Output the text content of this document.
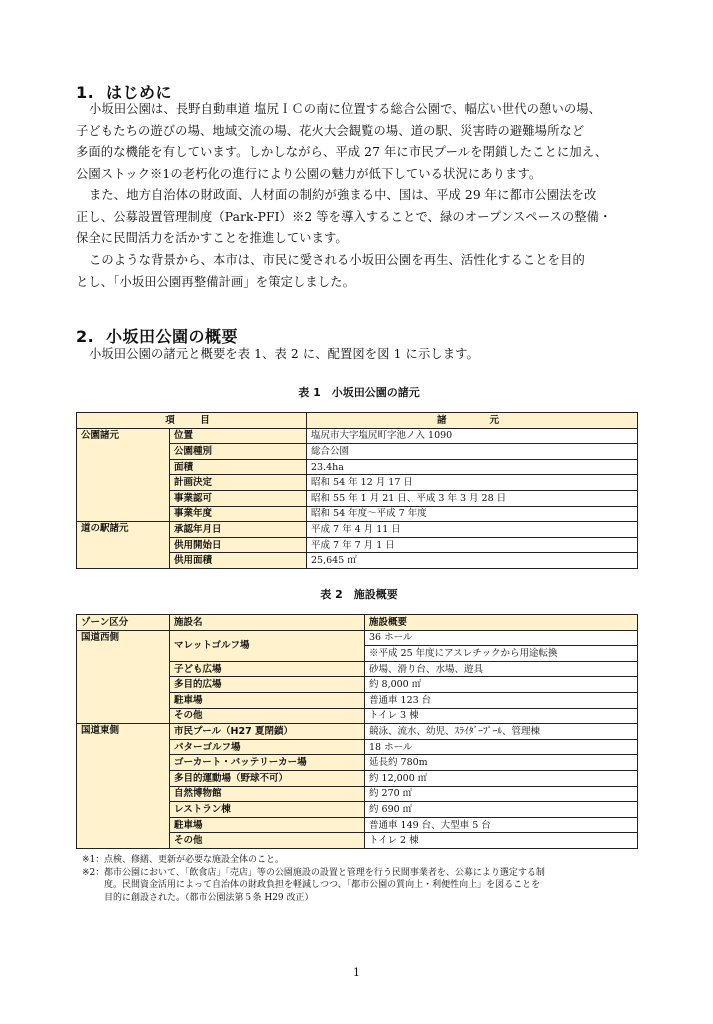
1. はじめに
小坂田公園は、長野自動車道 塩尻ＩＣの南に位置する総合公園で、幅広い世代の憩いの場、
子どもたちの遊びの場、地域交流の場、花火大会観覧の場、道の駅、災害時の避難場所など
多面的な機能を有しています。しかしながら、平成 27 年に市民プールを閉鎖したことに加え、
公園ストック※1の老朽化の進行により公園の魅力が低下している状況にあります。
また、地方自治体の財政面、人材面の制約が強まる中、国は、平成 29 年に都市公園法を改
正し、公募設置管理制度（Park-PFI）※2 等を導入することで、緑のオープンスペースの整備・
保全に民間活力を活かすことを推進しています。
このような背景から、本市は、市民に愛される小坂田公園を再生、活性化することを目的
とし、「小坂田公園再整備計画」を策定しました。
2. 小坂田公園の概要
小坂田公園の諸元と概要を表 1、表 2 に、配置図を図 1 に示します。
表 1　小坂田公園の諸元
項　目		諸　　元
公園諸元	位置	塩尻市大字塩尻町字池ノ入 1090
	公園種別	総合公園
	面積	23.4ha
	計画決定	昭和 54 年 12 月 17 日
	事業認可	昭和 55 年 1 月 21 日、平成 3 年 3 月 28 日
	事業年度	昭和 54 年度～平成 7 年度
道の駅諸元	承認年月日	平成 7 年 4 月 11 日
	供用開始日	平成 7 年 7 月 1 日
	供用面積	25,645 ㎡
表 2　施設概要
ゾーン区分	施設名	施設概要
国道西側	マレットゴルフ場	36 ホール
		※平成 25 年度にアスレチックから用途転換
	子ども広場	砂場、滑り台、水場、遊具
	多目的広場	約 8,000 ㎡
	駐車場	普通車 123 台
	その他	トイレ 3 棟
国道東側	市民プール（H27 夏閉鎖）	競泳、流水、幼児、ｽﾗｲﾀﾞｰﾌﾟｰﾙ、管理棟
	パターゴルフ場	18 ホール
	ゴーカート・バッテリーカー場	延長約 780m
	多目的運動場（野球不可）	約 12,000 ㎡
	自然博物館	約 270 ㎡
	レストラン棟	約 690 ㎡
	駐車場	普通車 149 台、大型車 5 台
	その他	トイレ 2 棟
※1：点検、修繕、更新が必要な施設全体のこと。
※2：都市公園において、「飲食店」「売店」等の公園施設の設置と管理を行う民間事業者を、公募により選定する制
度。民間資金活用によって自治体の財政負担を軽減しつつ、「都市公園の質向上・利便性向上」を図ることを
目的に創設された。（都市公園法第５条 H29 改正）
1
